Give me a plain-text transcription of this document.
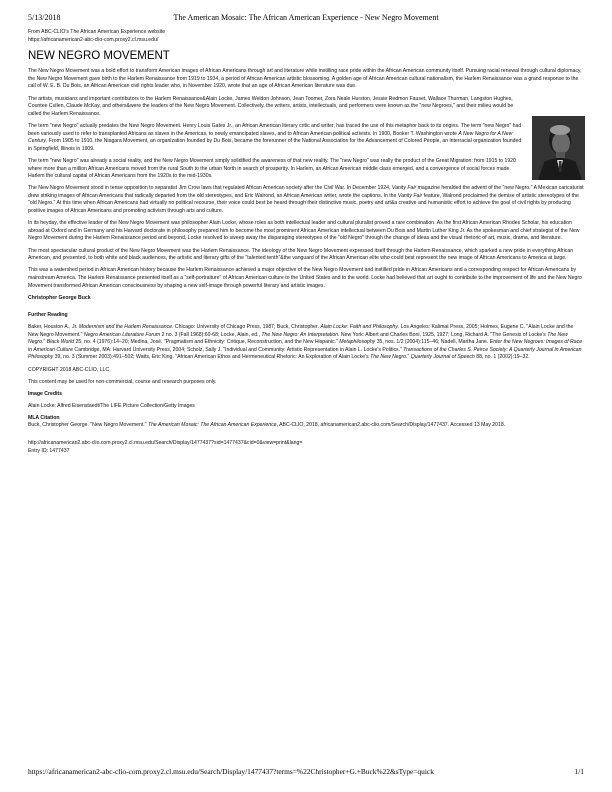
5/13/2018	The American Mosaic: The African American Experience - New Negro Movement
From ABC-CLIO's The African American Experience website
https://africanamerican2-abc-clio-com.proxy2.cl.msu.edu/
NEW NEGRO MOVEMENT

The New Negro Movement was a bold effort to transform American images of African Americans through art and literature while instilling race pride within the African American community itself. Pursuing racial renewal through cultural diplomacy, the New Negro Movement gave birth to the Harlem Renaissance from 1919 to 1934, a period of African American artistic blossoming. A golden age of African American cultural nationalism, the Harlem Renaissance was a grand response to the call of W. E. B. Du Bois, an African American civil rights leader who, in November 1920, wrote that an age of African American literature was due.

The artists, musicians and important contributors to the Harlem Renaissance&Alain Locke, James Weldon Johnson, Jean Toomer, Zora Neale Hurston, Jessie Redmon Fauset, Wallace Thurman, Langston Hughes, Countee Cullen, Claude McKay, and others&were the leaders of the New Negro Movement. Collectively, the writers, artists, intellectuals, and performers were known as the "new Negroes," and their milieu would be called the Harlem Renaissance.

The term "new Negro" actually predates the New Negro Movement. Henry Louis Gates Jr., an African American literary critic and writer, has traced the use of this metaphor back to its origins. The term "new Negro" had been variously used to refer to transplanted Africans as slaves in the Americas, to newly emancipated slaves, and to African American political activists. In 1900, Booker T. Washington wrote A New Negro for A New Century. From 1905 to 1910, the Niagara Movement, an organization founded by Du Bois, became the forerunner of the National Association for the Advancement of Colored People, an interracial organization founded in Springfield, Illinois in 1909.

The term "new Negro" was already a social reality, and the New Negro Movement simply solidified the awareness of that new reality. The "new Negro" was really the product of the Great Migration: from 1915 to 1920 where more than a million African Americans moved from the rural South to the urban North in search of prosperity. In Harlem, an African American middle class emerged, and a convergence of social forces made Harlem the cultural capital of African Americans from the 1920s to the mid-1930s.

The New Negro Movement stood in tense opposition to separatist Jim Crow laws that regulated African American society after the Civil War. In December 1924, Vanity Fair magazine heralded the advent of the "new Negro." A Mexican caricaturist drew striking images of African Americans that radically departed from the old stereotypes, and Eric Walrond, an African American writer, wrote the captions. In the Vanity Fair feature, Walrond proclaimed the demise of artistic stereotypes of the "old Negro." At this time when African Americans had virtually no political recourse, their voice could best be heard through their distinctive music, poetry and art&a creative and humanistic effort to achieve the goal of civil rights by producing positive images of African Americans and promoting activism through arts and culture.

In its heyday, the effective leader of the New Negro Movement was philosopher Alain Locke, whose roles as both intellectual leader and cultural pluralist proved a rare combination. As the first African American Rhodes Scholar, his education abroad at Oxford and in Germany and his Harvard doctorate in philosophy prepared him to become the most prominent African American intellectual between Du Bois and Martin Luther King Jr. As the spokesman and chief strategist of the New Negro Movement during the Harlem Renaissance period and beyond, Locke resolved to sweep away the disparaging stereotypes of the "old Negro" through the change of ideas and the visual rhetoric of art, music, drama, and literature.

The most spectacular cultural product of the New Negro Movement was the Harlem Renaissance. The ideology of the New Negro Movement expressed itself through the Harlem Renaissance, which sparked a new pride in everything African American, and presented, to both white and black audiences, the artistic and literary gifts of the "talented tenth"&the vanguard of the African American elite who could best represent the new image of African Americans to America at large.

This was a watershed period in African American history because the Harlem Renaissance achieved a major objective of the New Negro Movement and instilled pride in African Americans and a corresponding respect for African Americans by mainstream America. The Harlem Renaissance presented itself as a "self-portraiture" of African American culture to the United States and to the world. Locke had believed that art ought to contribute to the improvement of life and the New Negro Movement transformed African American consciousness by shaping a new self-image through powerful literary and artistic images.

Christopher George Buck

Further Reading

Baker, Houston A., Jr. Modernism and the Harlem Renaissance. Chicago: University of Chicago Press, 1987; Buck, Christopher. Alain Locke: Faith and Philosophy. Los Angeles: Kalimat Press, 2005; Holmes, Eugene C. "Alain Locke and the New Negro Movement." Negro American Literature Forum 2 no. 3 (Fall 1968):60-68; Locke, Alain, ed., The New Negro: An Interpretation. New York: Albert and Charles Boni, 1925, 1927; Long, Richard A. "The Genesis of Locke's The New Negro." Black World 25, no. 4 (1976):14–20; Medina, José. "Pragmatism and Ethnicity: Critique, Reconstruction, and the New Hispanic." Metaphilosophy 35, nos. 1/2 (2004):115–46; Nadell, Martha Jane. Enter the New Negroes: Images of Race in American Culture Cambridge, MA: Harvard University Press, 2004; Scholz, Sally J. "Individual and Community: Artistic Representation in Alain L. Locke's Politics." Transactions of the Charles S. Peirce Society: A Quarterly Journal in American Philosophy 39, no. 3 (Summer 2003):491–502; Watts, Eric King. "African American Ethos and Hermeneutical Rhetoric: An Exploration of Alain Locke's The New Negro." Quarterly Journal of Speech 88, no. 1 (2002):19–32.

COPYRIGHT 2018 ABC-CLIO, LLC

This content may be used for non-commercial, course and research purposes only.

Image Credits

Alain Locke: Alfred Eisenstaedt/The LIFE Picture Collection/Getty Images

MLA Citation

Buck, Christopher George. "New Negro Movement." The American Mosaic: The African American Experience, ABC-CLIO, 2018, africanamerican2.abc-clio.com/Search/Display/1477437. Accessed 13 May 2018.

http://africanamerican2.abc-clio.com.proxy2.cl.msu.edu/Search/Display/1477437?sid=1477437&cid=0&view=print&lang=
Entry ID: 1477437
https://africanamerican2-abc-clio-com.proxy2.cl.msu.edu/Search/Display/1477437?terms=%22Christopher+G.+Buck%22&sType=quick	1/1
